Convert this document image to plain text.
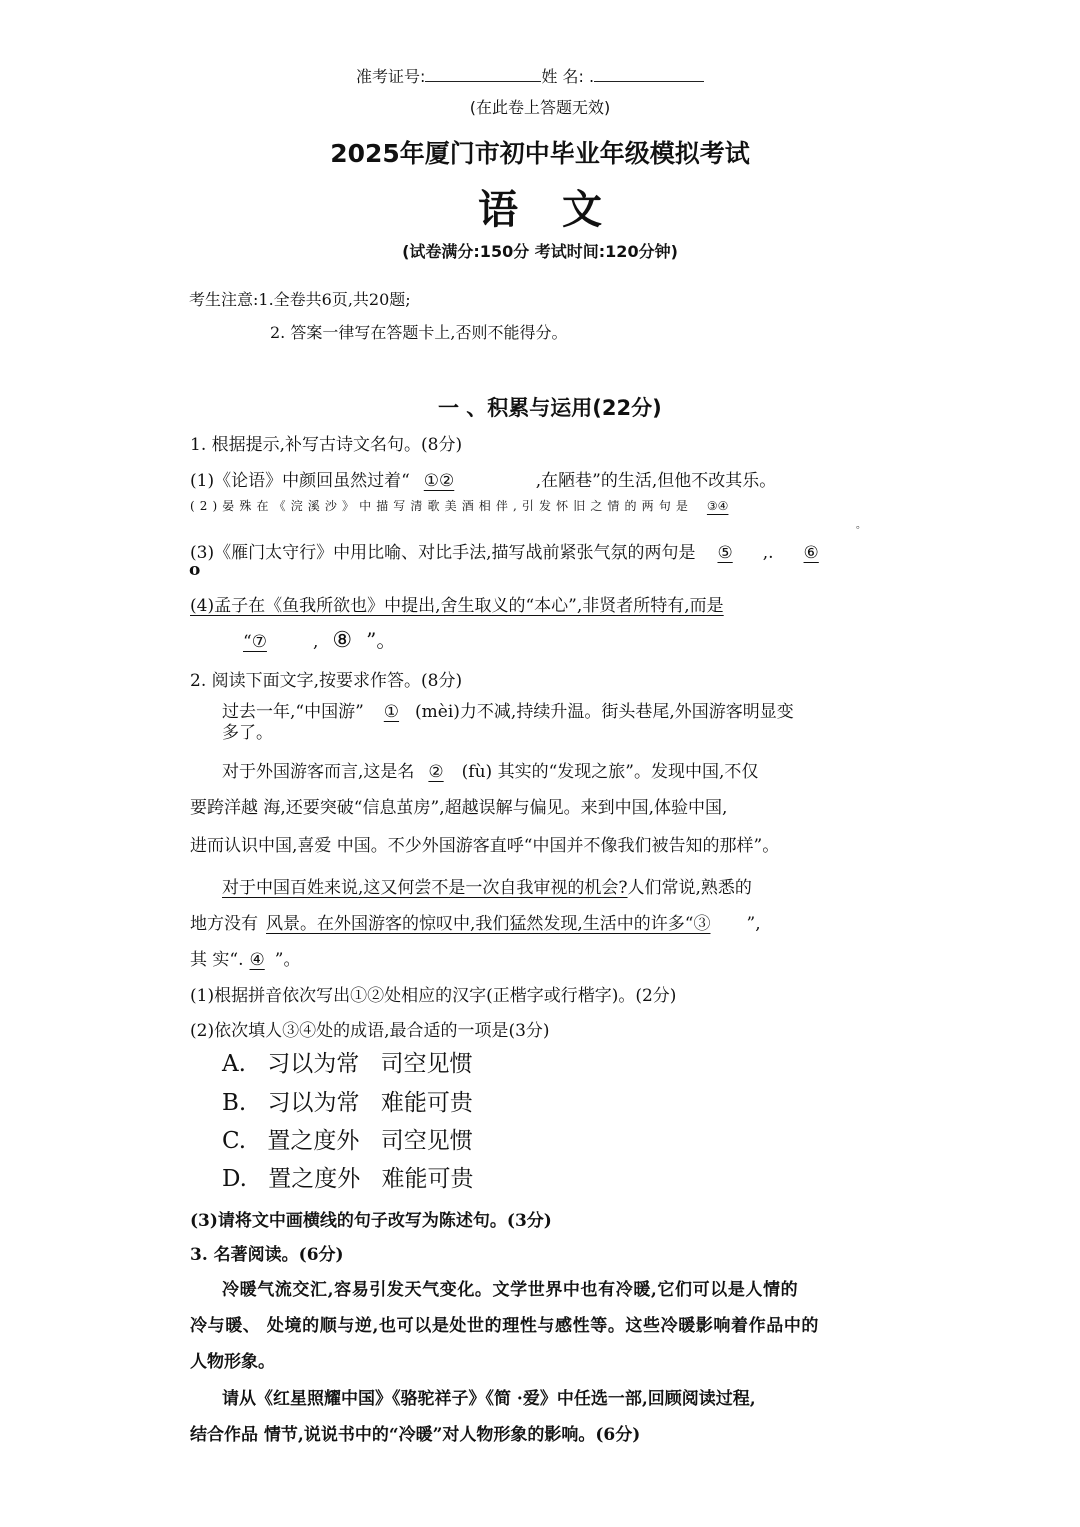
准考证号:	姓 名: .
(在此卷上答题无效)
2025年厦门市初中毕业年级模拟考试
语 文
(试卷满分:150分 考试时间:120分钟)
考生注意:1.全卷共6页,共20题;
2. 答案一律写在答题卡上,否则不能得分。
一 、积累与运用(22分)
1. 根据提示,补写古诗文名句。(8分)
(1)《论语》中颜回虽然过着“ ①②	,在陋巷”的生活,但他不改其乐。
(2)晏殊在《浣溪沙》中描写清歌美酒相伴,引发怀旧之情的两句是 ③④
。
(3)《雁门太守行》中用比喻、对比手法,描写战前紧张气氛的两句是 ⑤ ,. ⑥
o
(4)孟子在《鱼我所欲也》中提出,舍生取义的“本心”,非贤者所特有,而是
“⑦	, ⑧ ”。
2. 阅读下面文字,按要求作答。(8分)
过去一年,“中国游” ① (mèi)力不减,持续升温。街头巷尾,外国游客明显变
多了。
对于外国游客而言,这是名 ② (fù) 其实的“发现之旅”。发现中国,不仅
要跨洋越 海,还要突破“信息茧房”,超越误解与偏见。来到中国,体验中国,
进而认识中国,喜爱 中国。不少外国游客直呼“中国并不像我们被告知的那样”。
对于中国百姓来说,这又何尝不是一次自我审视的机会?人们常说,熟悉的
地方没有 风景。在外国游客的惊叹中,我们猛然发现,生活中的许多“③ ”,
其 实“. ④ ”。
(1)根据拼音依次写出①②处相应的汉字(正楷字或行楷字)。(2分)
(2)依次填人③④处的成语,最合适的一项是(3分)
A. 习以为常 司空见惯
B. 习以为常 难能可贵
C. 置之度外 司空见惯
D. 置之度外 难能可贵
(3)请将文中画横线的句子改写为陈述句。(3分)
3. 名著阅读。(6分)
冷暖气流交汇,容易引发天气变化。文学世界中也有冷暖,它们可以是人情的
冷与暖、 处境的顺与逆,也可以是处世的理性与感性等。这些冷暖影响着作品中的
人物形象。
请从《红星照耀中国》《骆驼祥子》《简 ·爱》中任选一部,回顾阅读过程,
结合作品 情节,说说书中的“冷暖”对人物形象的影响。(6分)
